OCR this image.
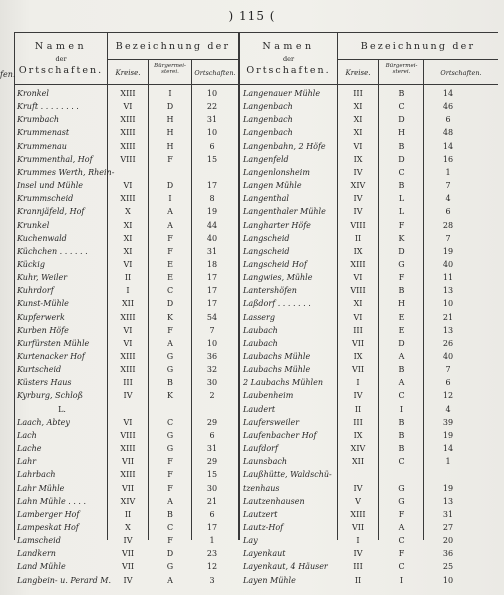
) 115 (
fen.
Namen
der
Ortschaften.
Bezeichnung der
Kreise.
Bürgermei-sterei.	Ortschaften.
Namen
der
Ortschaften.
Bezeichnung der
Kreise.
Bürgermei-sterei.	Ortschaften.
Kronkel	XIII	I	10
Kruft . . . . . . . .	VI	D	22
Krumbach	XIII	H	31
Krummenast	XIII	H	10
Krummenau	XIII	H	6
Krummenthal, Hof	VIII	F	15
Krummes Werth, Rhein-
Insel und Mühle	VI	D	17
Krummscheid	XIII	I	8
Krannjäfeld, Hof	X	A	19
Krunkel	XI	A	44
Kuchenwald	XI	F	40
Küchchen . . . . . .	XI	F	31
Kückig	VI	E	18
Kuhr, Weiler	II	E	17
Kuhrdorf	I	C	17
Kunst-Mühle	XII	D	17
Kupferwerk	XIII	K	54
Kurben Höfe	VI	F	7
Kurfürsten Mühle	VI	A	10
Kurtenacker Hof	XIII	G	36
Kurtscheid	XIII	G	32
Küsters Haus	III	B	30
Kyrburg, Schloß	IV	K	2
L.
Laach, Abtey	VI	C	29
Lach	VIII	G	6
Lache	XIII	G	31
Lahr	VII	F	29
Lahrbach	XIII	F	15
Lahr Mühle	VII	F	30
Lahn Mühle . . . .	XIV	A	21
Lamberger Hof	II	B	6
Lampeskat Hof	X	C	17
Lamscheid	IV	F	1
Landkern	VII	D	23
Land Mühle	VII	G	12
Langbein- u. Perard M.	IV	A	3
Langenauer Mühle	III	B	14
Langenbach	XI	C	46
Langenbach	XI	D	6
Langenbach	XI	H	48
Langenbahn, 2 Höfe	VI	B	14
Langenfeld	IX	D	16
Langenlonsheim	IV	C	1
Langen Mühle	XIV	B	7
Langenthal	IV	L	4
Langenthaler Mühle	IV	L	6
Langharter Höfe	VIII	F	28
Langscheid	II	K	7
Langscheid	IX	D	19
Langscheid Hof	XIII	G	40
Langwies, Mühle	VI	F	11
Lantershöfen	VIII	B	13
Laßdorf . . . . . . .	XI	H	10
Lasserg	VI	E	21
Laubach	III	E	13
Laubach	VII	D	26
Laubachs Mühle	IX	A	40
Laubachs Mühle	VII	B	7
2 Laubachs Mühlen	I	A	6
Laubenheim	IV	C	12
Laudert	II	I	4
Laufersweiler	III	B	39
Laufenbacher Hof	IX	B	19
Laufdorf	XIV	B	14
Launsbach	XII	C	1
Laußhütte, Waldschü-
tzenhaus	IV	G	19
Lautzenhausen	V	G	13
Lautzert	XIII	F	31
Lautz-Hof	VII	A	27
Lay	I	C	20
Layenkaut	IV	F	36
Layenkaut, 4 Häuser	III	C	25
Layen Mühle	II	I	10
